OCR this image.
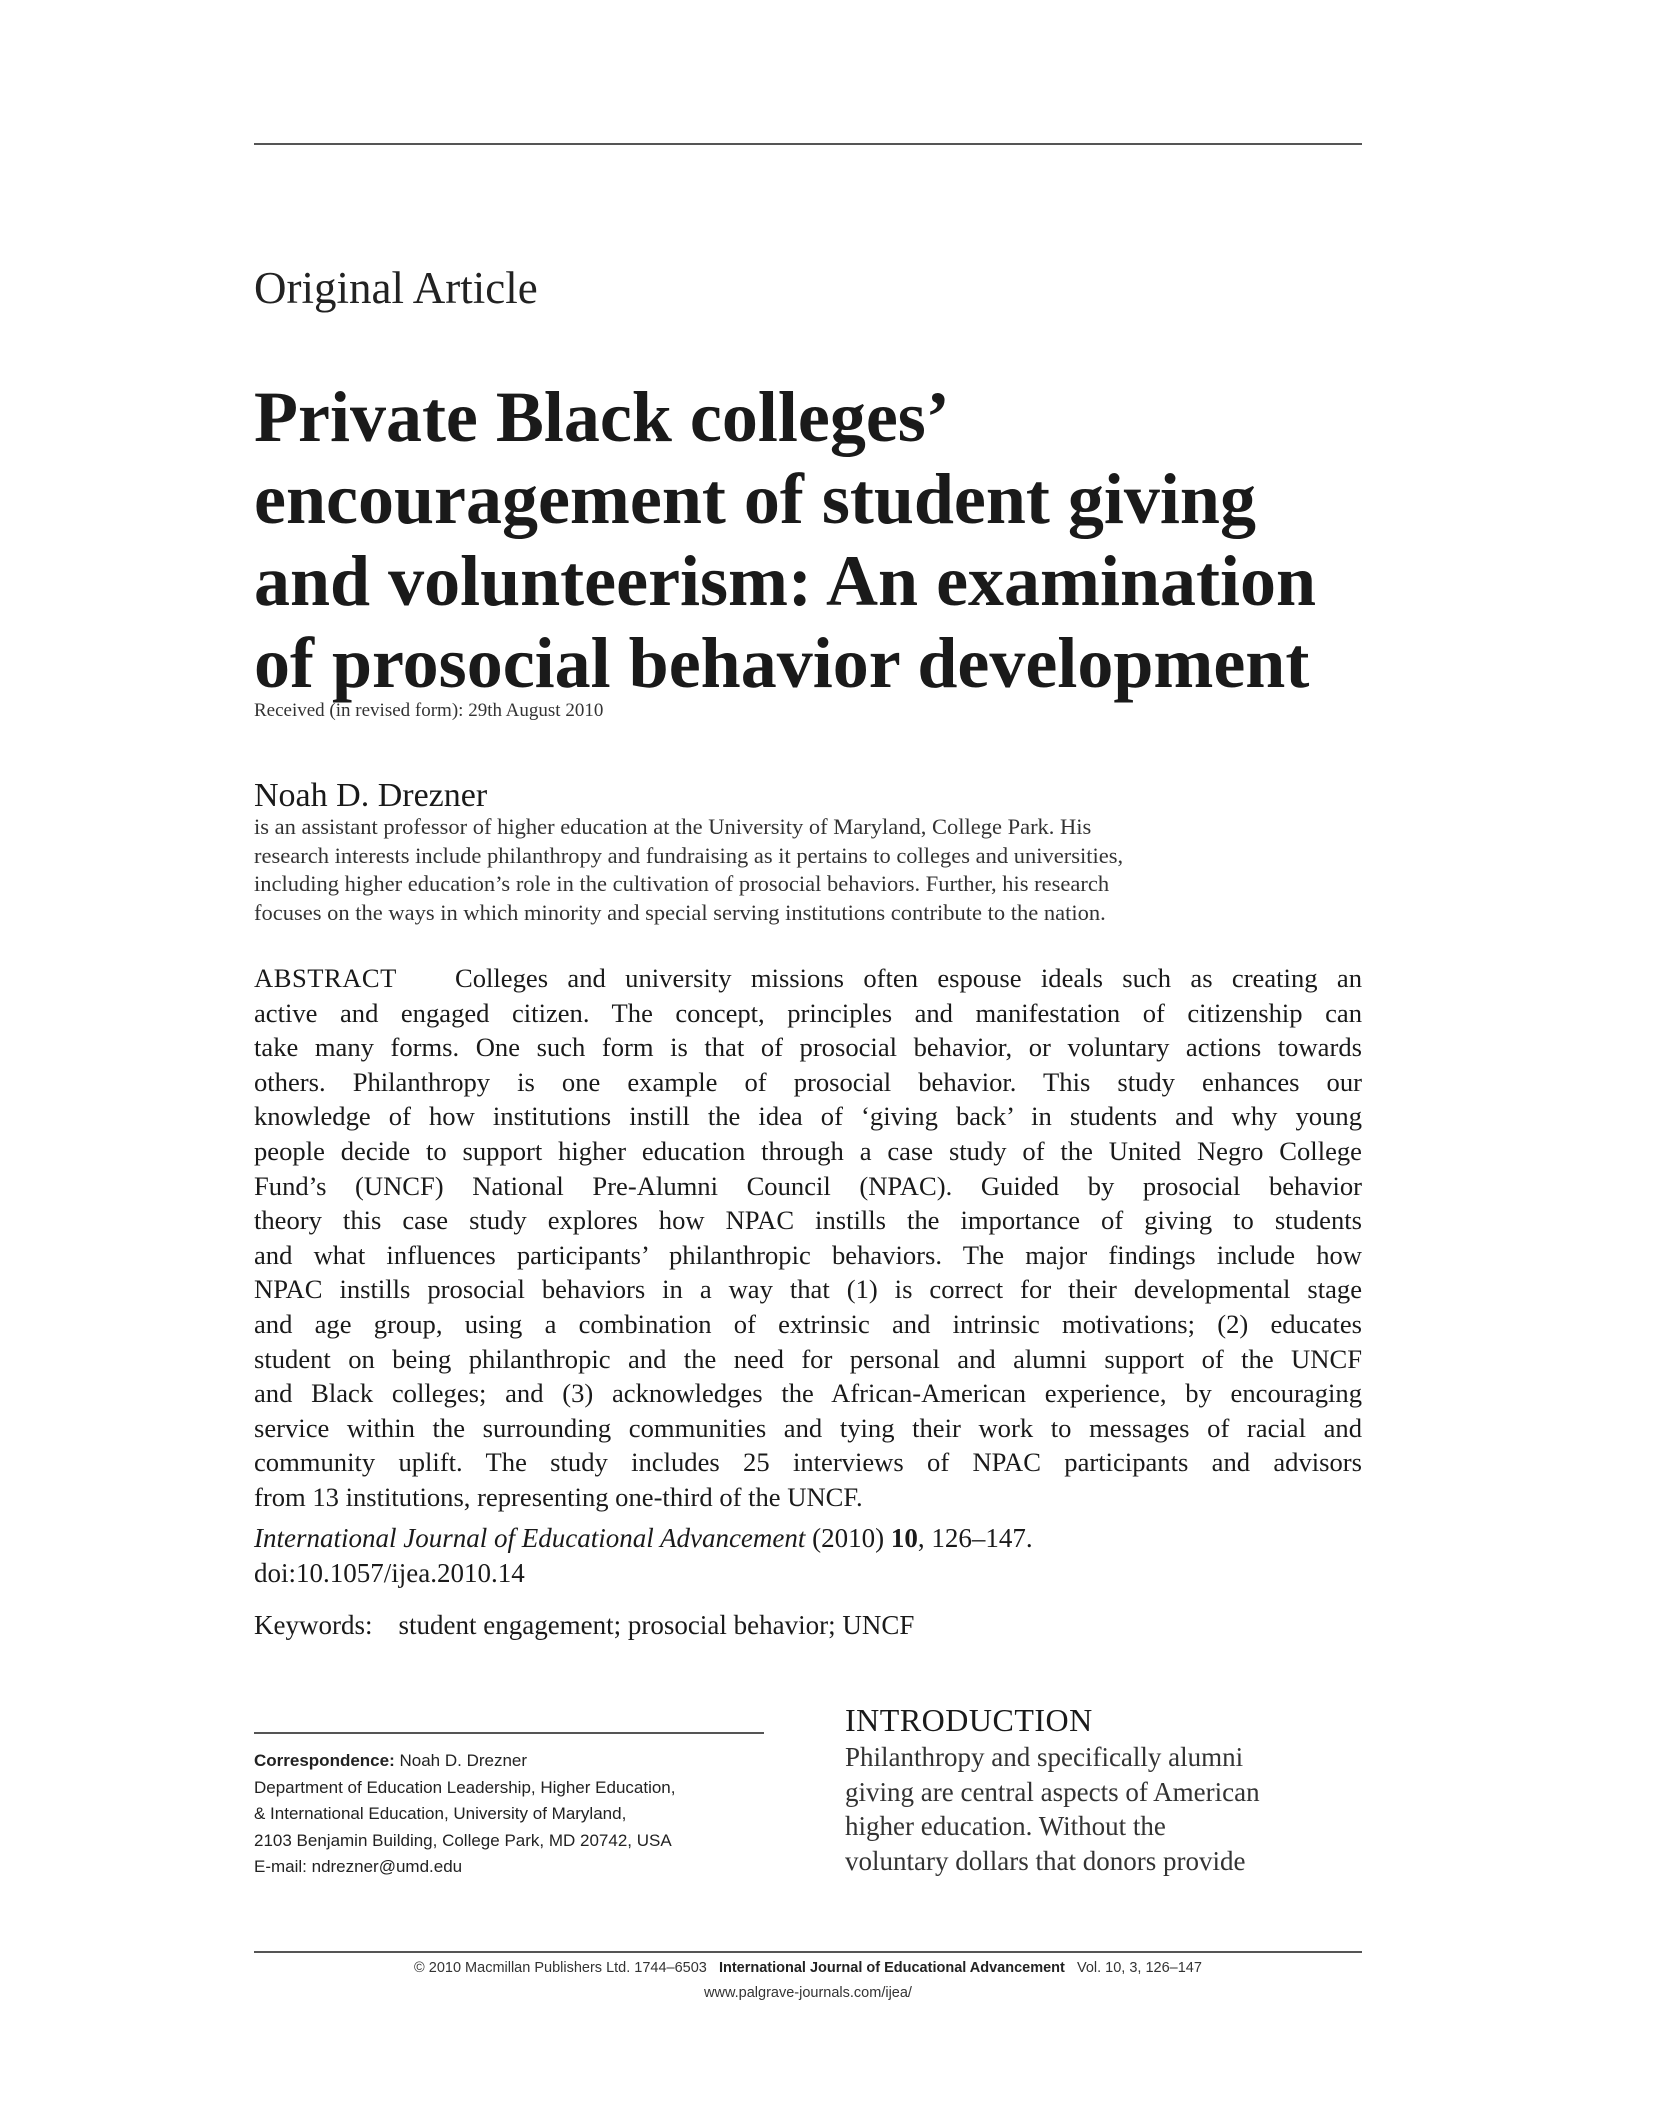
Original Article
Private Black colleges’
encouragement of student giving
and volunteerism: An examination
of prosocial behavior development
Received (in revised form): 29th August 2010
Noah D. Drezner
is an assistant professor of higher education at the University of Maryland, College Park. His
research interests include philanthropy and fundraising as it pertains to colleges and universities,
including higher education’s role in the cultivation of prosocial behaviors. Further, his research
focuses on the ways in which minority and special serving institutions contribute to the nation.
ABSTRACT Colleges and university missions often espouse ideals such as creating an
active and engaged citizen. The concept, principles and manifestation of citizenship can
take many forms. One such form is that of prosocial behavior, or voluntary actions towards
others. Philanthropy is one example of prosocial behavior. This study enhances our
knowledge of how institutions instill the idea of ‘giving back’ in students and why young
people decide to support higher education through a case study of the United Negro College
Fund’s (UNCF) National Pre-Alumni Council (NPAC). Guided by prosocial behavior
theory this case study explores how NPAC instills the importance of giving to students
and what influences participants’ philanthropic behaviors. The major findings include how
NPAC instills prosocial behaviors in a way that (1) is correct for their developmental stage
and age group, using a combination of extrinsic and intrinsic motivations; (2) educates
student on being philanthropic and the need for personal and alumni support of the UNCF
and Black colleges; and (3) acknowledges the African-American experience, by encouraging
service within the surrounding communities and tying their work to messages of racial and
community uplift. The study includes 25 interviews of NPAC participants and advisors
from 13 institutions, representing one-third of the UNCF.
International Journal of Educational Advancement (2010) 10, 126–147.
doi:10.1057/ijea.2010.14
Keywords: student engagement; prosocial behavior; UNCF
Correspondence: Noah D. Drezner
Department of Education Leadership, Higher Education,
& International Education, University of Maryland,
2103 Benjamin Building, College Park, MD 20742, USA
E-mail: ndrezner@umd.edu
INTRODUCTION
Philanthropy and specifically alumni
giving are central aspects of American
higher education. Without the
voluntary dollars that donors provide
© 2010 Macmillan Publishers Ltd. 1744–6503 International Journal of Educational Advancement Vol. 10, 3, 126–147
www.palgrave-journals.com/ijea/
